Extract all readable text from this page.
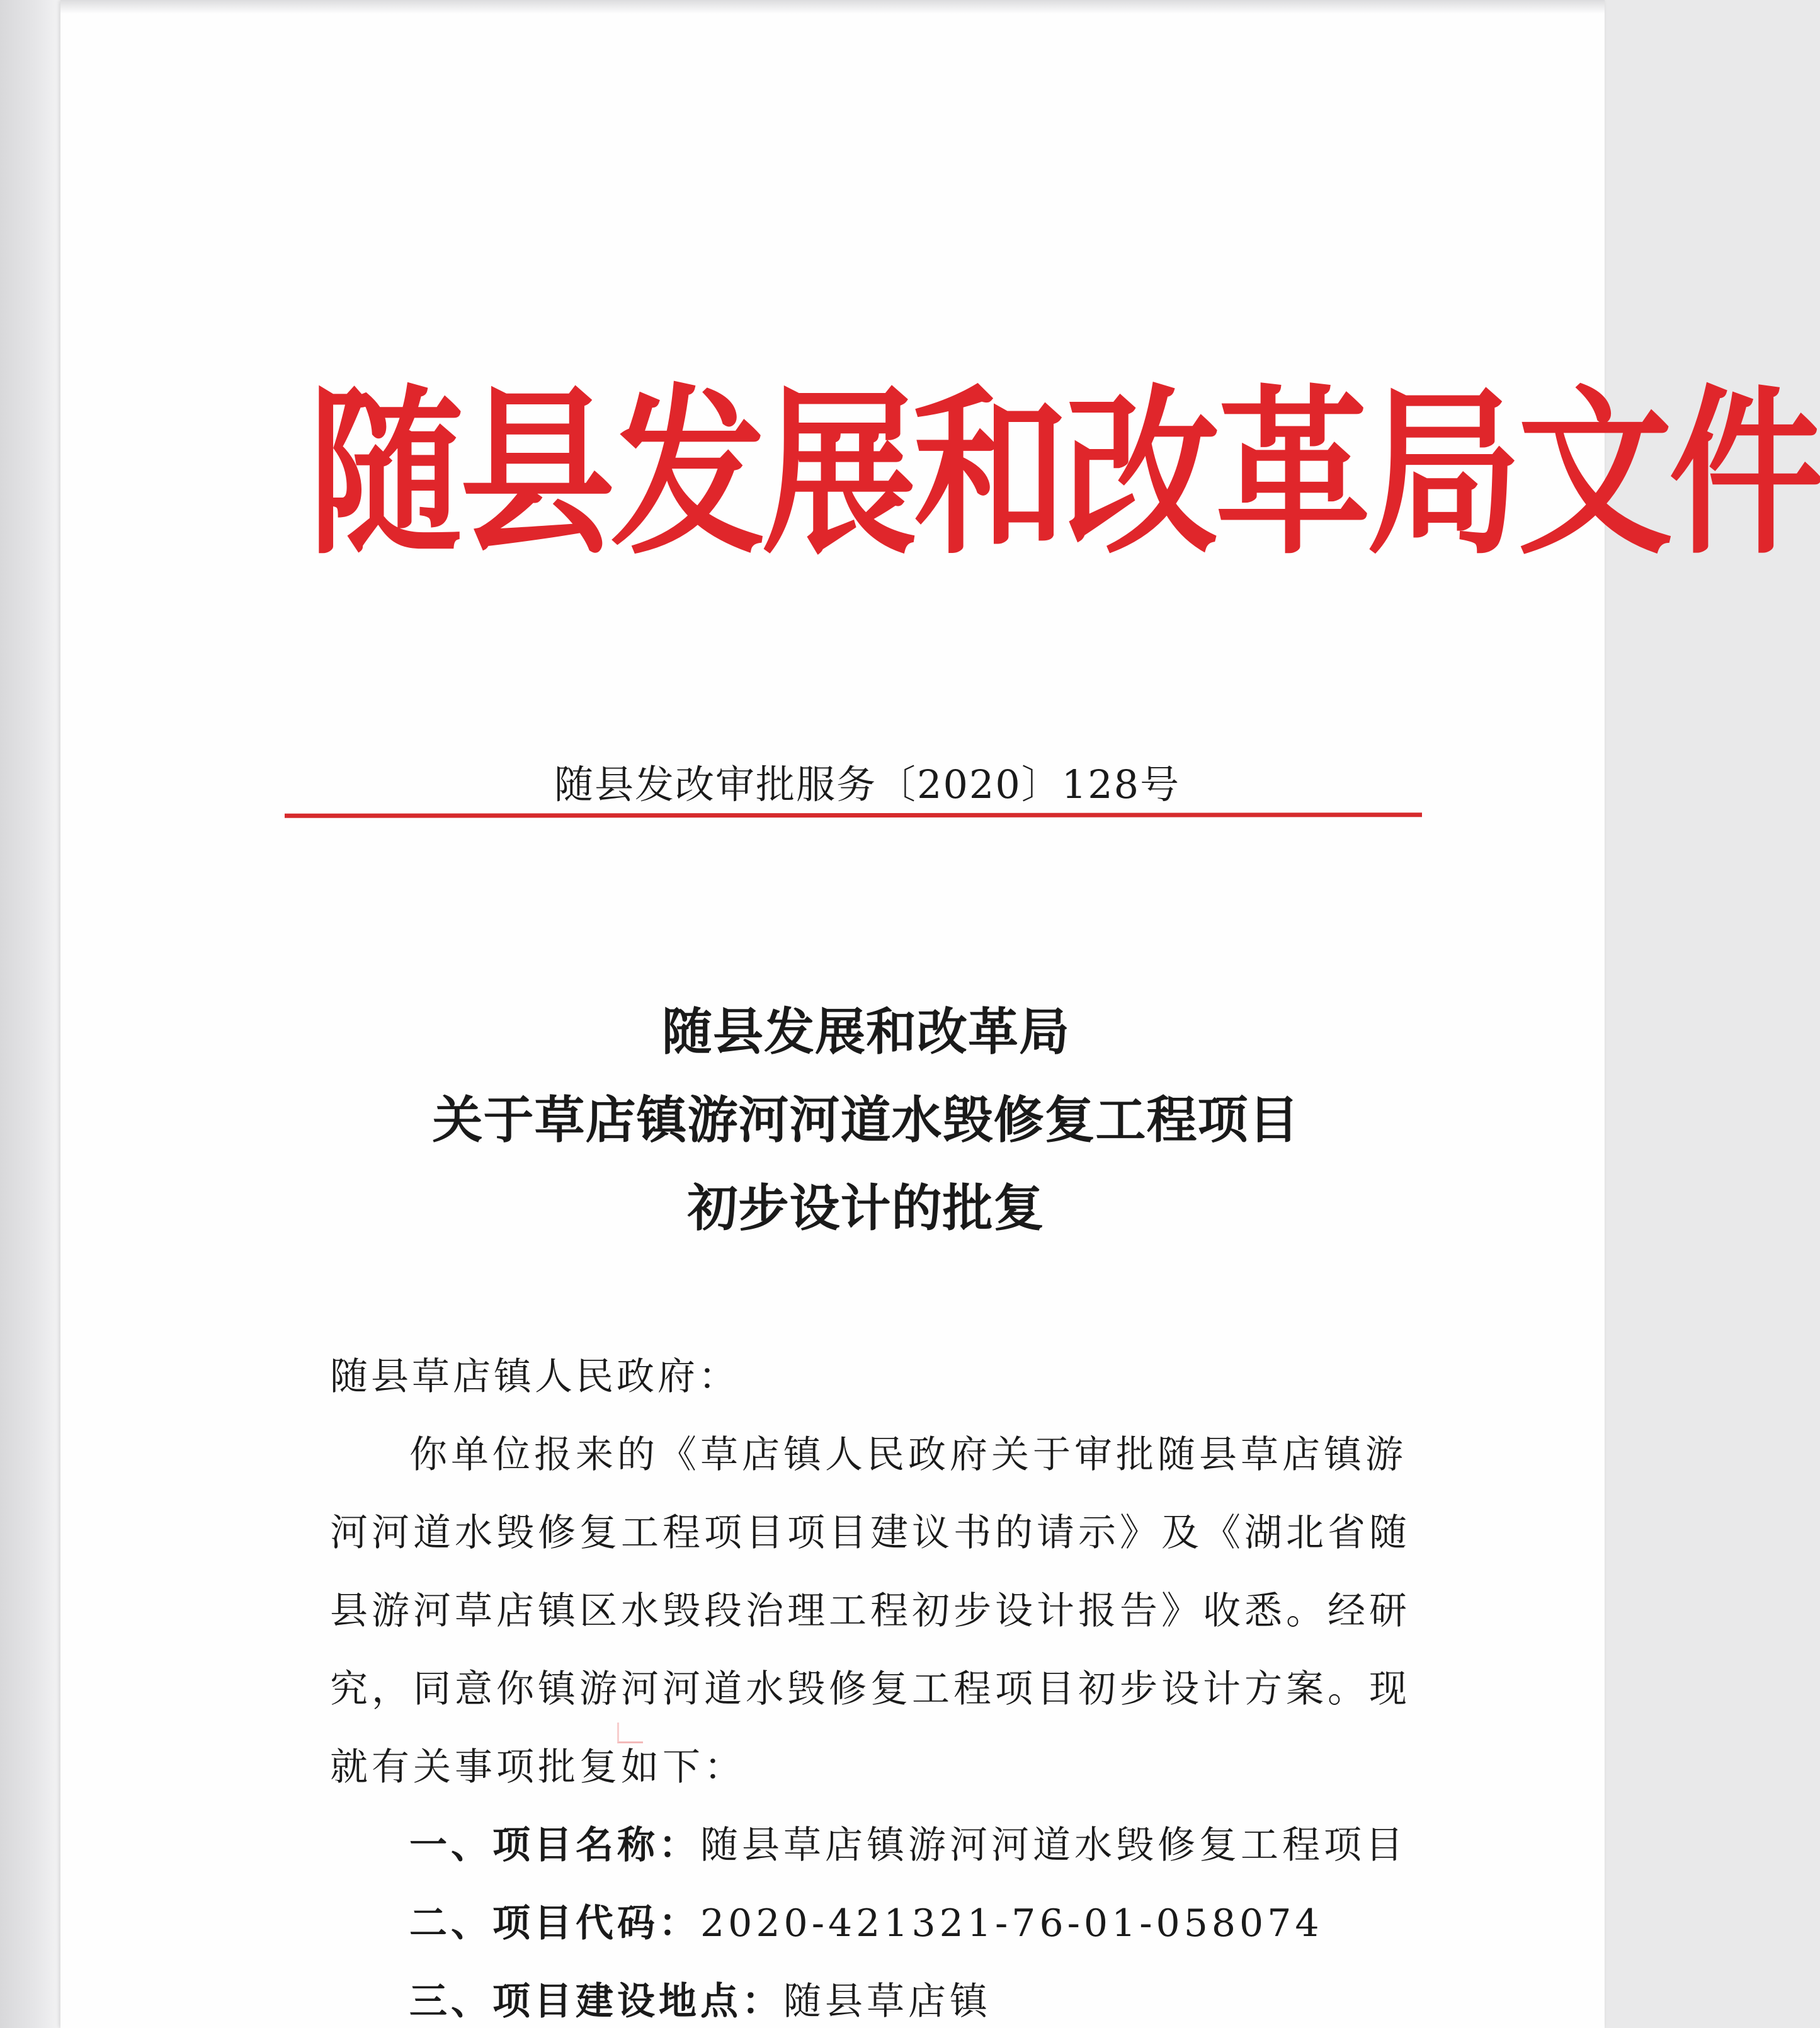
随县发展和改革局文件
随县发改审批服务〔2020〕128号
随县发展和改革局
关于草店镇游河河道水毁修复工程项目
初步设计的批复
随县草店镇人民政府：
你单位报来的《草店镇人民政府关于审批随县草店镇游
河河道水毁修复工程项目项目建议书的请示》及《湖北省随
县游河草店镇区水毁段治理工程初步设计报告》收悉。经研
究，同意你镇游河河道水毁修复工程项目初步设计方案。现
就有关事项批复如下：
一、项目名称：随县草店镇游河河道水毁修复工程项目
二、项目代码：2020-421321-76-01-058074
三、项目建设地点：随县草店镇
